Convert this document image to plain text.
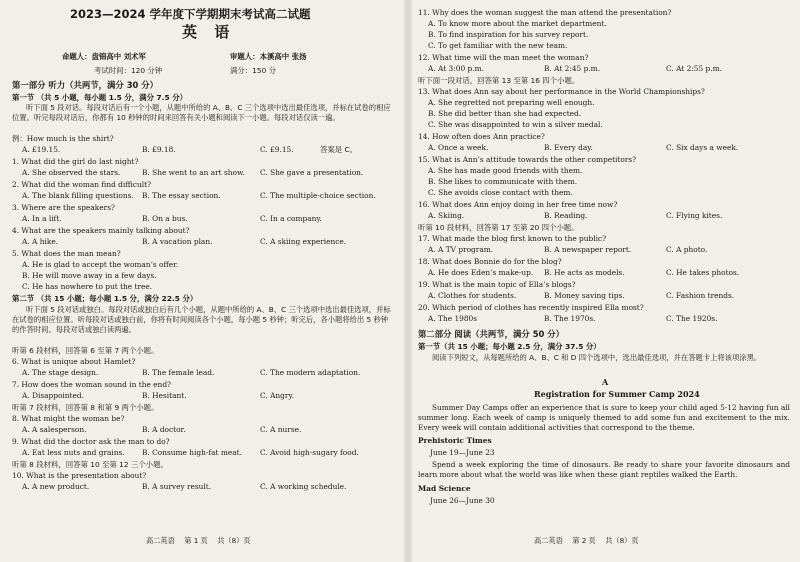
2023—2024 学年度下学期期末考试高二试题
英 语
命题人：盘锦高中 刘术军	审题人：本溪高中 张扬
考试时间：120 分钟	满分：150 分
第一部分 听力（共两节，满分 30 分）
第一节 （共 5 小题，每小题 1.5 分，满分 7.5 分）
听下面 5 段对话。每段对话后有一个小题，从题中所给的 A、B、C 三个选项中选出最佳选项，并标在试卷的相应位置。听完每段对话后，你都有 10 秒钟的时间来回答有关小题和阅读下一小题。每段对话仅读一遍。
例：How much is the shirt?
A. £19.15.	B. £9.18.	C. £9.15.	答案是 C。
1. What did the girl do last night?
A. She observed the stars.	B. She went to an art show. C. She gave a presentation.
2. What did the woman find difficult?
A. The blank filling questions. B. The essay section.	C. The multiple-choice section.
3. Where are the speakers?
A. In a lift.	B. On a bus.	C. In a company.
4. What are the speakers mainly talking about?
A. A hike.	B. A vacation plan.	C. A skiing experience.
5. What does the man mean?
A. He is glad to accept the woman’s offer.
B. He will move away in a few days.
C. He has nowhere to put the tree.
第二节 （共 15 小题；每小题 1.5 分，满分 22.5 分）
听下面 5 段对话或独白。每段对话或独白后有几个小题，从题中所给的 A、B、C 三个选项中选出最佳选项，并标在试卷的相应位置。听每段对话或独白前，你将有时间阅读各个小题，每小题 5 秒钟；听完后，各小题将给出 5 秒钟的作答时间。每段对话或独白读两遍。
听第 6 段材料，回答第 6 至第 7 两个小题。
6. What is unique about Hamlet?
A. The stage design.	B. The female lead.	C. The modern adaptation.
7. How does the woman sound in the end?
A. Disappointed.	B. Hesitant.	C. Angry.
听第 7 段材料，回答第 8 和第 9 两个小题。
8. What might the woman be?
A. A salesperson.	B. A doctor.	C. A nurse.
9. What did the doctor ask the man to do?
A. Eat less nuts and grains. B. Consume high-fat meat. C. Avoid high-sugary food.
听第 8 段材料，回答第 10 至第 12 三个小题。
10. What is the presentation about?
A. A new product.	B. A survey result.	C. A working schedule.
高二英语　 第 1 页　 共（8）页
11. Why does the woman suggest the man attend the presentation?
A. To know more about the market department.
B. To find inspiration for his survey report.
C. To get familiar with the new team.
12. What time will the man meet the woman?
A. At 3:00 p.m.	B. At 2:45 p.m.	C. At 2:55 p.m.
听下面一段对话，回答第 13 至第 16 四个小题。
13. What does Ann say about her performance in the World Championships?
A. She regretted not preparing well enough.
B. She did better than she had expected.
C. She was disappointed to win a silver medal.
14. How often does Ann practice?
A. Once a week.	B. Every day.	C. Six days a week.
15. What is Ann’s attitude towards the other competitors?
A. She has made good friends with them.
B. She likes to communicate with them.
C. She avoids close contact with them.
16. What does Ann enjoy doing in her free time now?
A. Skiing.	B. Reading.	C. Flying kites.
听第 10 段材料，回答第 17 至第 20 四个小题。
17. What made the blog first known to the public?
A. A TV program.	B. A newspaper report.	C. A photo.
18. What does Bonnie do for the blog?
A. He does Eden’s make-up. B. He acts as models.	C. He takes photos.
19. What is the main topic of Ella’s blogs?
A. Clothes for students.	B. Money saving tips.	C. Fashion trends.
20. Which period of clothes has recently inspired Ella most?
A. The 1980s	B. The 1970s.	C. The 1920s.
第二部分 阅读（共两节，满分 50 分）
第一节（共 15 小题；每小题 2.5 分，满分 37.5 分）
阅读下列短文，从每题所给的 A、B、C 和 D 四个选项中，选出最佳选项，并在答题卡上将该项涂黑。
A
Registration for Summer Camp 2024
Summer Day Camps offer an experience that is sure to keep your child aged 5-12 having fun all summer long. Each week of camp is uniquely themed to add some fun and excitement to the mix. Every week will contain additional activities that correspond to the theme.
Prehistoric Times
June 19—June 23
Spend a week exploring the time of dinosaurs. Be ready to share your favorite dinosaurs and learn more about what the world was like when these giant reptiles walked the Earth.
Mad Science
June 26—June 30
高二英语　 第 2 页　 共（8）页
